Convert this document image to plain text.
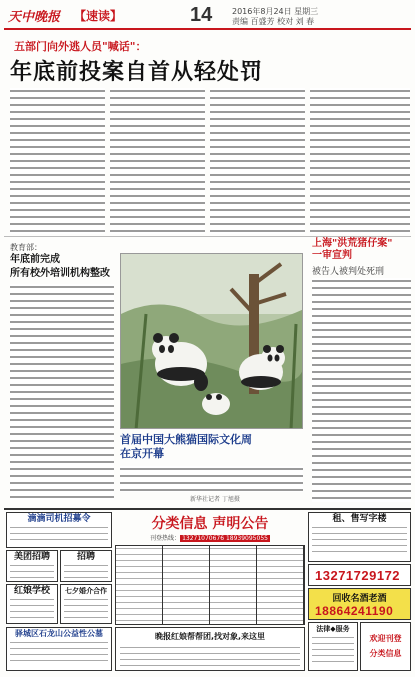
天中晚报 【速读】	14 2016年8月24日 星期三
责编 百盛芳 校对 刘 春
五部门向外逃人员"喊话"：
年底前投案自首从轻处罚
教育部：
年底前完成
所有校外培训机构整改
首届中国大熊猫国际文化周
在京开幕
新华社记者 丁旭摄
上海"洪荒猪仔案"
一审宣判
被告人被判处死刑
滴滴司机招募令
美团招聘	招聘
红娘学校	七夕婚介合作
驿城区石龙山公益性公墓
分类信息 声明公告
刊登热线： 13271070676 18939095055
晚报红娘帮帮团,找对象,来这里
租、售写字楼
13271729172
回收名酒老酒
18864241190
法律◆服务
欢迎刊登
分类信息
